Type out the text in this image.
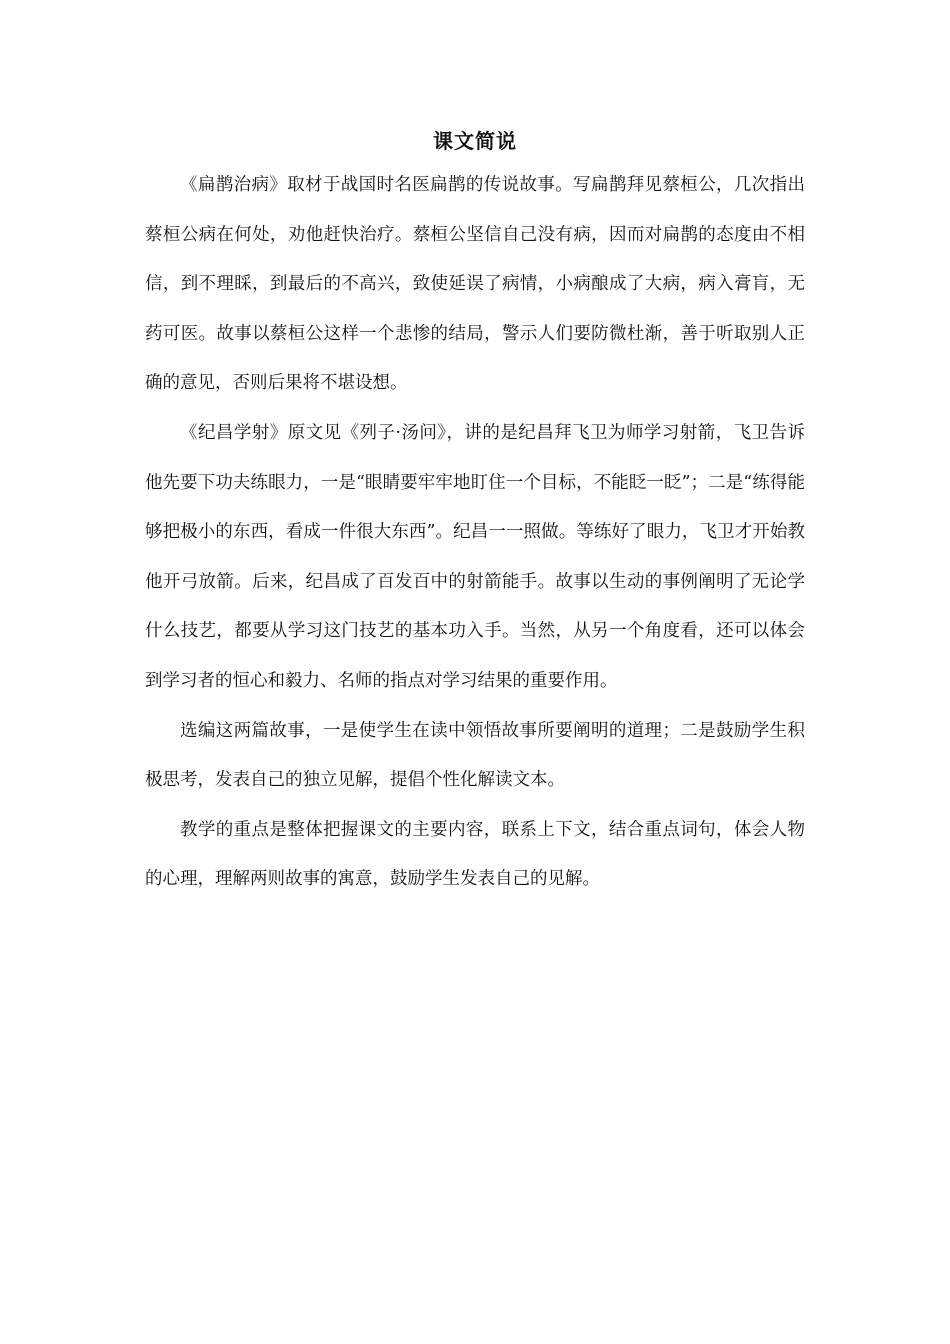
课文简说

《扁鹊治病》取材于战国时名医扁鹊的传说故事。写扁鹊拜见蔡桓公，几次指出蔡桓公病在何处，劝他赶快治疗。蔡桓公坚信自己没有病，因而对扁鹊的态度由不相信，到不理睬，到最后的不高兴，致使延误了病情，小病酿成了大病，病入膏肓，无药可医。故事以蔡桓公这样一个悲惨的结局，警示人们要防微杜渐，善于听取别人正确的意见，否则后果将不堪设想。

《纪昌学射》原文见《列子·汤问》，讲的是纪昌拜飞卫为师学习射箭，飞卫告诉他先要下功夫练眼力，一是“眼睛要牢牢地盯住一个目标，不能眨一眨”；二是“练得能够把极小的东西，看成一件很大东西”。纪昌一一照做。等练好了眼力，飞卫才开始教他开弓放箭。后来，纪昌成了百发百中的射箭能手。故事以生动的事例阐明了无论学什么技艺，都要从学习这门技艺的基本功入手。当然，从另一个角度看，还可以体会到学习者的恒心和毅力、名师的指点对学习结果的重要作用。

选编这两篇故事，一是使学生在读中领悟故事所要阐明的道理；二是鼓励学生积极思考，发表自己的独立见解，提倡个性化解读文本。

教学的重点是整体把握课文的主要内容，联系上下文，结合重点词句，体会人物的心理，理解两则故事的寓意，鼓励学生发表自己的见解。
